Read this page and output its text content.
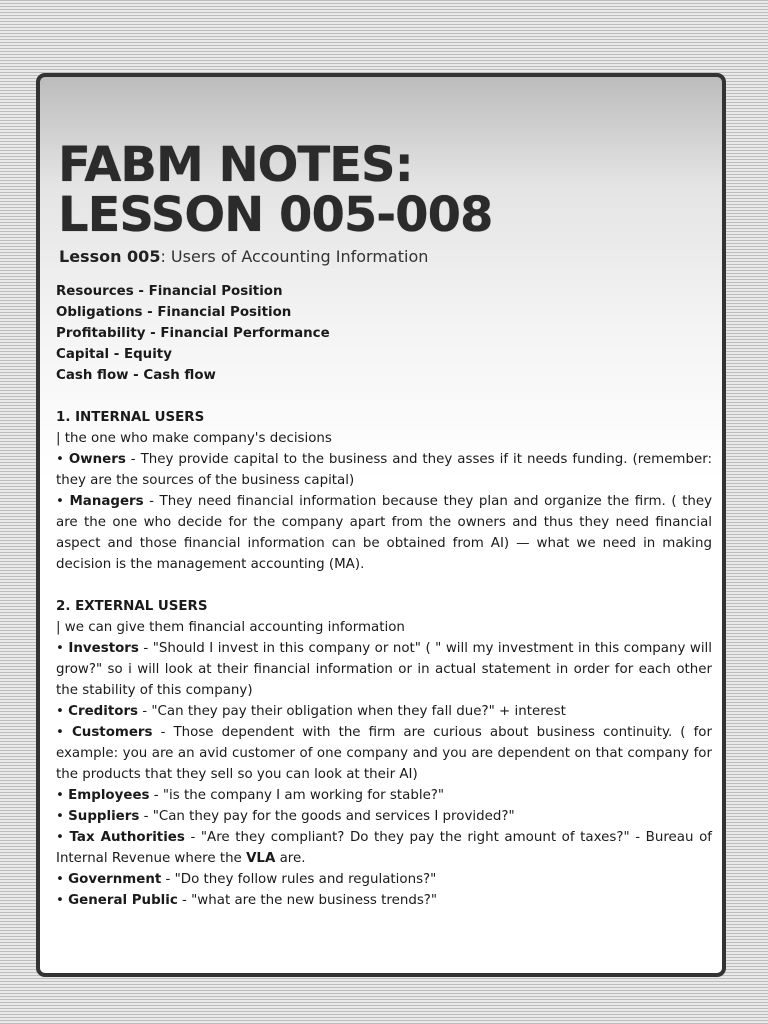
FABM NOTES:
LESSON 005-008
Lesson 005: Users of Accounting Information
Resources - Financial Position
Obligations - Financial Position
Profitability - Financial Performance
Capital - Equity
Cash flow - Cash flow
1. INTERNAL USERS
| the one who make company's decisions
• Owners - They provide capital to the business and they asses if it needs funding. (remember: they are the sources of the business capital)
• Managers - They need financial information because they plan and organize the firm. ( they are the one who decide for the company apart from the owners and thus they need financial aspect and those financial information can be obtained from AI) — what we need in making decision is the management accounting (MA).
2. EXTERNAL USERS
| we can give them financial accounting information
• Investors - "Should I invest in this company or not" ( " will my investment in this company will grow?" so i will look at their financial information or in actual statement in order for each other the stability of this company)
• Creditors - "Can they pay their obligation when they fall due?" + interest
• Customers - Those dependent with the firm are curious about business continuity. ( for example: you are an avid customer of one company and you are dependent on that company for the products that they sell so you can look at their AI)
• Employees - "is the company I am working for stable?"
• Suppliers - "Can they pay for the goods and services I provided?"
• Tax Authorities - "Are they compliant? Do they pay the right amount of taxes?" - Bureau of Internal Revenue where the VLA are.
• Government - "Do they follow rules and regulations?"
• General Public - "what are the new business trends?"
